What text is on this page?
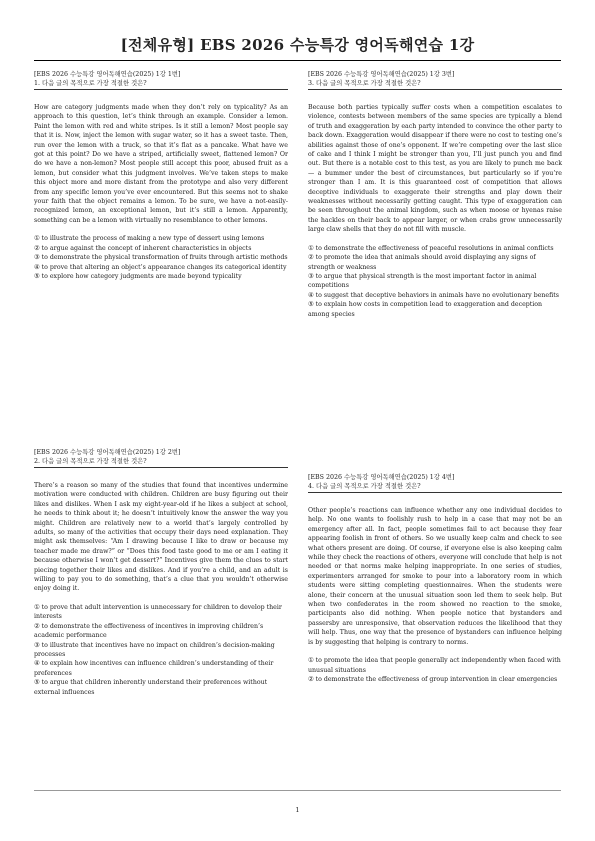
[전체유형] EBS 2026 수능특강 영어독해연습 1강
[EBS 2026 수능특강 영어독해연습(2025) 1강 1번]
1. 다음 글의 목적으로 가장 적절한 것은?

How are category judgments made when they don’t rely on typicality? As an approach to this question, let’s think through an example. Consider a lemon. Paint the lemon with red and white stripes. Is it still a lemon? Most people say that it is. Now, inject the lemon with sugar water, so it has a sweet taste. Then, run over the lemon with a truck, so that it’s flat as a pancake. What have we got at this point? Do we have a striped, artificially sweet, flattened lemon? Or do we have a non-lemon? Most people still accept this poor, abused fruit as a lemon, but consider what this judgment involves. We’ve taken steps to make this object more and more distant from the prototype and also very different from any specific lemon you’ve ever encountered. But this seems not to shake your faith that the object remains a lemon. To be sure, we have a not-easily-recognized lemon, an exceptional lemon, but it’s still a lemon. Apparently, something can be a lemon with virtually no resemblance to other lemons.

① to illustrate the process of making a new type of dessert using lemons
② to argue against the concept of inherent characteristics in objects
③ to demonstrate the physical transformation of fruits through artistic methods
④ to prove that altering an object’s appearance changes its categorical identity
⑤ to explore how category judgments are made beyond typicality
[EBS 2026 수능특강 영어독해연습(2025) 1강 2번]
2. 다음 글의 목적으로 가장 적절한 것은?

There’s a reason so many of the studies that found that incentives undermine motivation were conducted with children. Children are busy figuring out their likes and dislikes. When I ask my eight-year-old if he likes a subject at school, he needs to think about it; he doesn’t intuitively know the answer the way you might. Children are relatively new to a world that’s largely controlled by adults, so many of the activities that occupy their days need explanation. They might ask themselves: “Am I drawing because I like to draw or because my teacher made me draw?” or “Does this food taste good to me or am I eating it because otherwise I won’t get dessert?” Incentives give them the clues to start piecing together their likes and dislikes. And if you’re a child, and an adult is willing to pay you to do something, that’s a clue that you wouldn’t otherwise enjoy doing it.

① to prove that adult intervention is unnecessary for children to develop their interests
② to demonstrate the effectiveness of incentives in improving children’s academic performance
③ to illustrate that incentives have no impact on children’s decision-making processes
④ to explain how incentives can influence children’s understanding of their preferences
⑤ to argue that children inherently understand their preferences without external influences
[EBS 2026 수능특강 영어독해연습(2025) 1강 3번]
3. 다음 글의 목적으로 가장 적절한 것은?

Because both parties typically suffer costs when a competition escalates to violence, contests between members of the same species are typically a blend of truth and exaggeration by each party intended to convince the other party to back down. Exaggeration would disappear if there were no cost to testing one’s abilities against those of one’s opponent. If we’re competing over the last slice of cake and I think I might be stronger than you, I’ll just punch you and find out. But there is a notable cost to this test, as you are likely to punch me back — a bummer under the best of circumstances, but particularly so if you’re stronger than I am. It is this guaranteed cost of competition that allows deceptive individuals to exaggerate their strengths and play down their weaknesses without necessarily getting caught. This type of exaggeration can be seen throughout the animal kingdom, such as when moose or hyenas raise the hackles on their back to appear larger, or when crabs grow unnecessarily large claw shells that they do not fill with muscle.

① to demonstrate the effectiveness of peaceful resolutions in animal conflicts
② to promote the idea that animals should avoid displaying any signs of strength or weakness
③ to argue that physical strength is the most important factor in animal competitions
④ to suggest that deceptive behaviors in animals have no evolutionary benefits
⑤ to explain how costs in competition lead to exaggeration and deception among species
[EBS 2026 수능특강 영어독해연습(2025) 1강 4번]
4. 다음 글의 목적으로 가장 적절한 것은?

Other people’s reactions can influence whether any one individual decides to help. No one wants to foolishly rush to help in a case that may not be an emergency after all. In fact, people sometimes fail to act because they fear appearing foolish in front of others. So we usually keep calm and check to see what others present are doing. Of course, if everyone else is also keeping calm while they check the reactions of others, everyone will conclude that help is not needed or that norms make helping inappropriate. In one series of studies, experimenters arranged for smoke to pour into a laboratory room in which students were sitting completing questionnaires. When the students were alone, their concern at the unusual situation soon led them to seek help. But when two confederates in the room showed no reaction to the smoke, participants also did nothing. When people notice that bystanders and passersby are unresponsive, that observation reduces the likelihood that they will help. Thus, one way that the presence of bystanders can influence helping is by suggesting that helping is contrary to norms.

① to promote the idea that people generally act independently when faced with unusual situations
② to demonstrate the effectiveness of group intervention in clear emergencies
1
